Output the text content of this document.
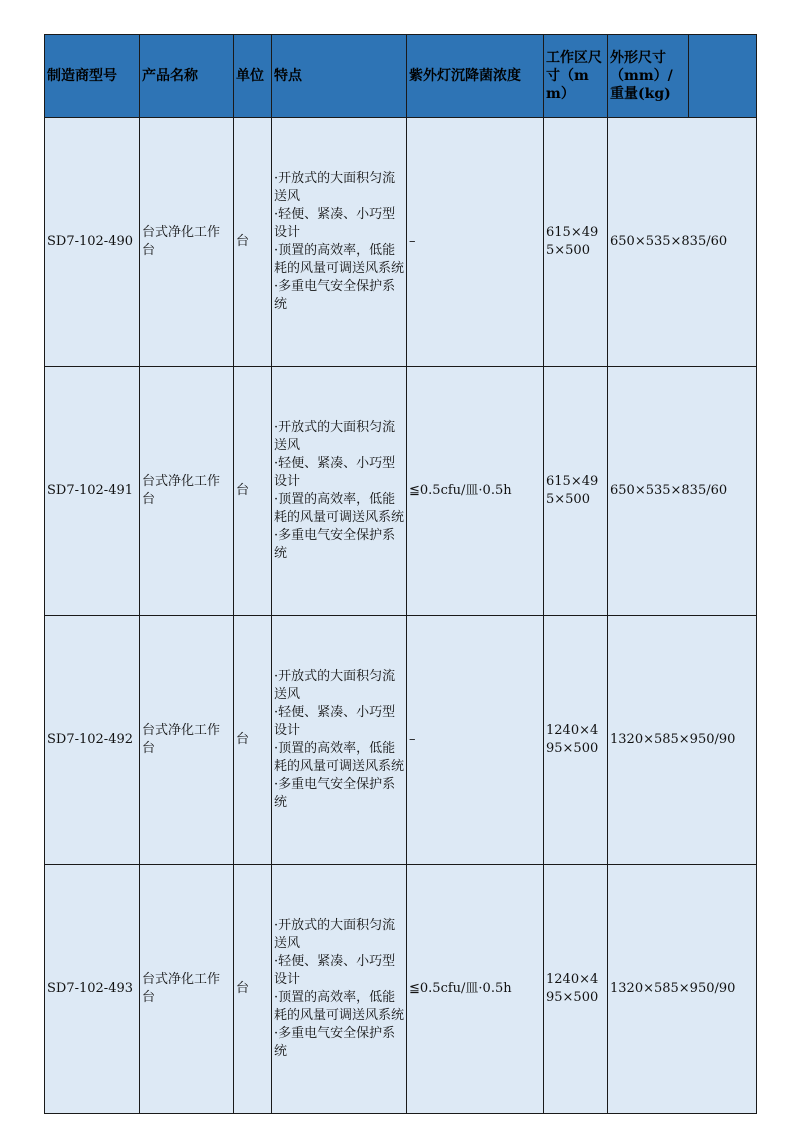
制造商型号	产品名称	单位	特点	紫外灯沉降菌浓度	工作区尺寸（mm）	外形尺寸（mm）/重量(kg)

SD7-102-490	台式净化工作台	台	·开放式的大面积匀流送风
·轻便、紧凑、小巧型设计
·顶置的高效率，低能耗的风量可调送风系统
·多重电气安全保护系统	–	615×495×500	650×535×835/60
SD7-102-491	台式净化工作台	台	·开放式的大面积匀流送风
·轻便、紧凑、小巧型设计
·顶置的高效率，低能耗的风量可调送风系统
·多重电气安全保护系统	≦0.5cfu/皿·0.5h	615×495×500	650×535×835/60
SD7-102-492	台式净化工作台	台	·开放式的大面积匀流送风
·轻便、紧凑、小巧型设计
·顶置的高效率，低能耗的风量可调送风系统
·多重电气安全保护系统	–	1240×495×500	1320×585×950/90
SD7-102-493	台式净化工作台	台	·开放式的大面积匀流送风
·轻便、紧凑、小巧型设计
·顶置的高效率，低能耗的风量可调送风系统
·多重电气安全保护系统	≦0.5cfu/皿·0.5h	1240×495×500	1320×585×950/90
